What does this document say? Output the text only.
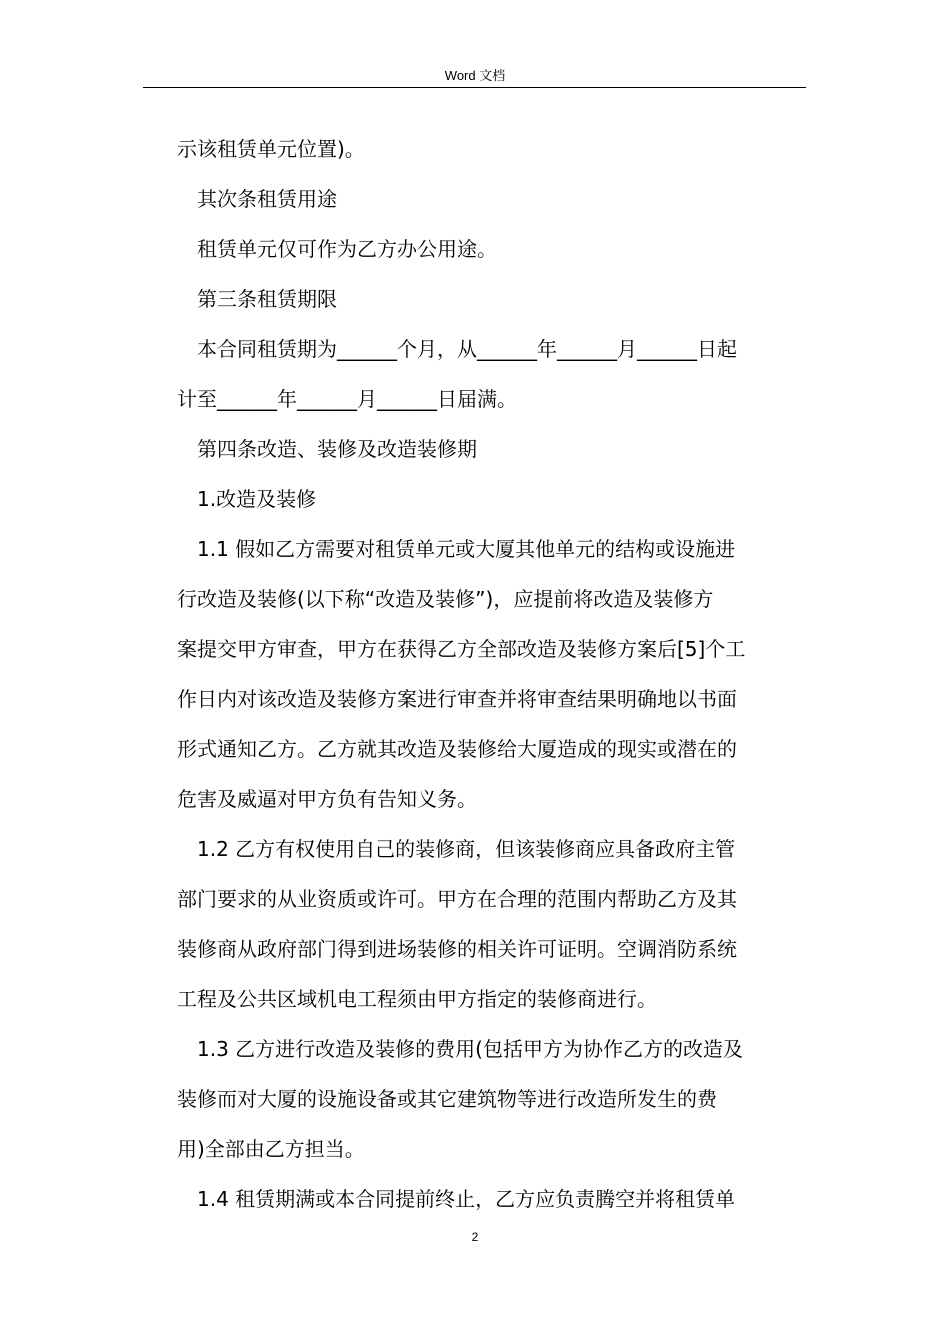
Word 文档

示该租赁单元位置)。

其次条租赁用途

租赁单元仅可作为乙方办公用途。

第三条租赁期限

本合同租赁期为______个月，从______年______月______日起

计至______年______月______日届满。

第四条改造、装修及改造装修期

1.改造及装修

1.1 假如乙方需要对租赁单元或大厦其他单元的结构或设施进

行改造及装修(以下称“改造及装修”)，应提前将改造及装修方

案提交甲方审查，甲方在获得乙方全部改造及装修方案后[5]个工

作日内对该改造及装修方案进行审查并将审查结果明确地以书面

形式通知乙方。乙方就其改造及装修给大厦造成的现实或潜在的

危害及威逼对甲方负有告知义务。

1.2 乙方有权使用自己的装修商，但该装修商应具备政府主管

部门要求的从业资质或许可。甲方在合理的范围内帮助乙方及其

装修商从政府部门得到进场装修的相关许可证明。空调消防系统

工程及公共区域机电工程须由甲方指定的装修商进行。

1.3 乙方进行改造及装修的费用(包括甲方为协作乙方的改造及

装修而对大厦的设施设备或其它建筑物等进行改造所发生的费

用)全部由乙方担当。

1.4 租赁期满或本合同提前终止，乙方应负责腾空并将租赁单

2
